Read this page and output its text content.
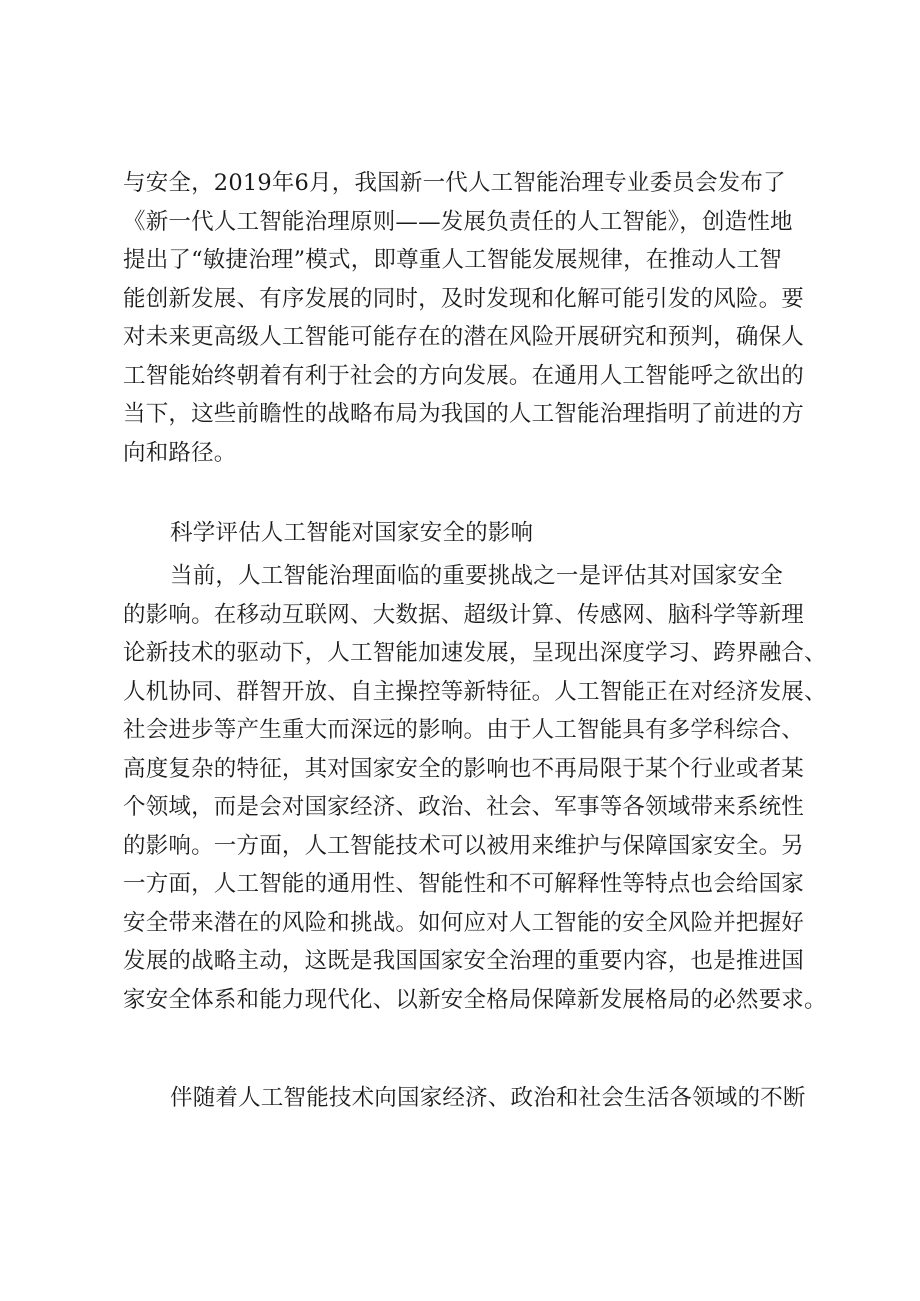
与安全，2019年6月，我国新一代人工智能治理专业委员会发布了
《新一代人工智能治理原则——发展负责任的人工智能》，创造性地
提出了“敏捷治理”模式，即尊重人工智能发展规律，在推动人工智
能创新发展、有序发展的同时，及时发现和化解可能引发的风险。要
对未来更高级人工智能可能存在的潜在风险开展研究和预判，确保人
工智能始终朝着有利于社会的方向发展。在通用人工智能呼之欲出的
当下，这些前瞻性的战略布局为我国的人工智能治理指明了前进的方
向和路径。
科学评估人工智能对国家安全的影响
当前，人工智能治理面临的重要挑战之一是评估其对国家安全
的影响。在移动互联网、大数据、超级计算、传感网、脑科学等新理
论新技术的驱动下，人工智能加速发展，呈现出深度学习、跨界融合、
人机协同、群智开放、自主操控等新特征。人工智能正在对经济发展、
社会进步等产生重大而深远的影响。由于人工智能具有多学科综合、
高度复杂的特征，其对国家安全的影响也不再局限于某个行业或者某
个领域，而是会对国家经济、政治、社会、军事等各领域带来系统性
的影响。一方面，人工智能技术可以被用来维护与保障国家安全。另
一方面，人工智能的通用性、智能性和不可解释性等特点也会给国家
安全带来潜在的风险和挑战。如何应对人工智能的安全风险并把握好
发展的战略主动，这既是我国国家安全治理的重要内容，也是推进国
家安全体系和能力现代化、以新安全格局保障新发展格局的必然要求。
伴随着人工智能技术向国家经济、政治和社会生活各领域的不断
